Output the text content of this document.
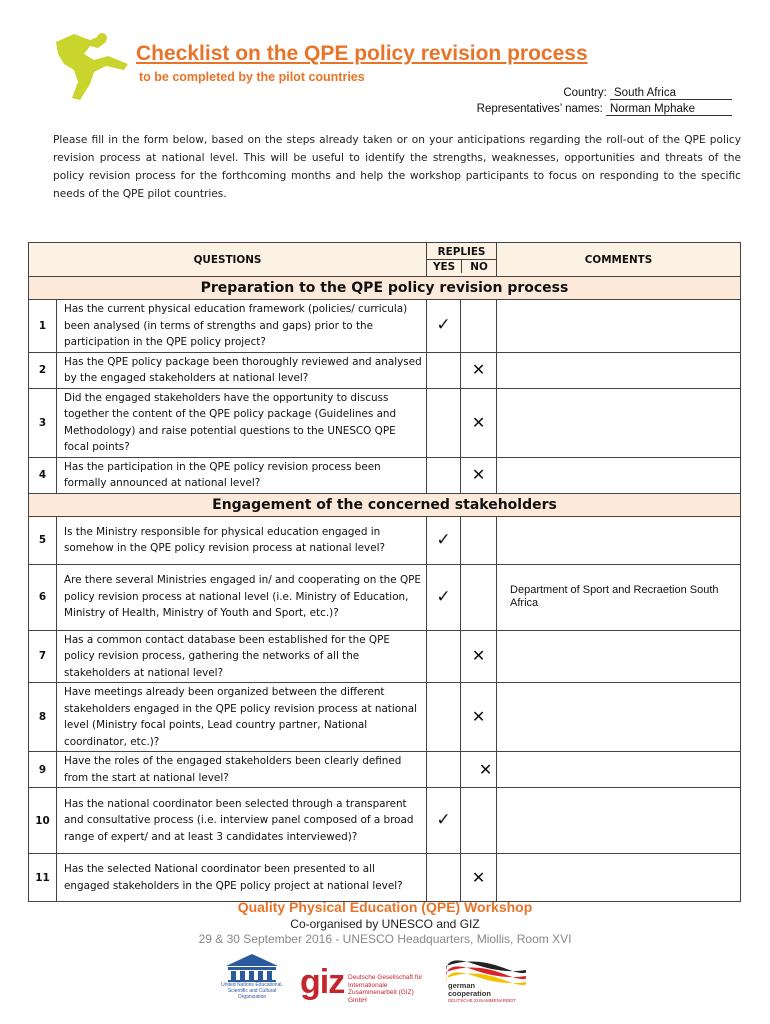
Checklist on the QPE policy revision process
to be completed by the pilot countries
Country: South Africa
Representatives’ names: Norman Mphake
Please fill in the form below, based on the steps already taken or on your anticipations regarding the roll-out of the QPE policy revision process at national level. This will be useful to identify the strengths, weaknesses, opportunities and threats of the policy revision process for the forthcoming months and help the workshop participants to focus on responding to the specific needs of the QPE pilot countries.
QUESTIONS		REPLIES
YES NO		COMMENTS
Preparation to the QPE policy revision process				
1	Has the current physical education framework (policies/ curricula) been analysed (in terms of strengths and gaps) prior to the participation in the QPE policy project?	✓		
2	Has the QPE policy package been thoroughly reviewed and analysed by the engaged stakeholders at national level?		✕	
3	Did the engaged stakeholders have the opportunity to discuss together the content of the QPE policy package (Guidelines and Methodology) and raise potential questions to the UNESCO QPE focal points?		✕	
4	Has the participation in the QPE policy revision process been formally announced at national level?		✕	
Engagement of the concerned stakeholders				
5	Is the Ministry responsible for physical education engaged in somehow in the QPE policy revision process at national level?	✓		
6	Are there several Ministries engaged in/ and cooperating on the QPE policy revision process at national level (i.e. Ministry of Education, Ministry of Health, Ministry of Youth and Sport, etc.)?	✓		Department of Sport and Recraetion South Africa
7	Has a common contact database been established for the QPE policy revision process, gathering the networks of all the stakeholders at national level?		✕	
8	Have meetings already been organized between the different stakeholders engaged in the QPE policy revision process at national level (Ministry focal points, Lead country partner, National coordinator, etc.)?		✕	
9	Have the roles of the engaged stakeholders been clearly defined from the start at national level?		✕	
10	Has the national coordinator been selected through a transparent and consultative process (i.e. interview panel composed of a broad range of expert/ and at least 3 candidates interviewed)?	✓		
11	Has the selected National coordinator been presented to all engaged stakeholders in the QPE policy project at national level?		✕	
Quality Physical Education (QPE) Workshop
Co-organised by UNESCO and GIZ
29 & 30 September 2016 - UNESCO Headquarters, Miollis, Room XVI
United Nations Educational, Scientific and Cultural Organization giz Deutsche Gesellschaft für Internationale Zusammenarbeit (GIZ) GmbH
german cooperation
DEUTSCHE ZUSAMMENARBEIT
